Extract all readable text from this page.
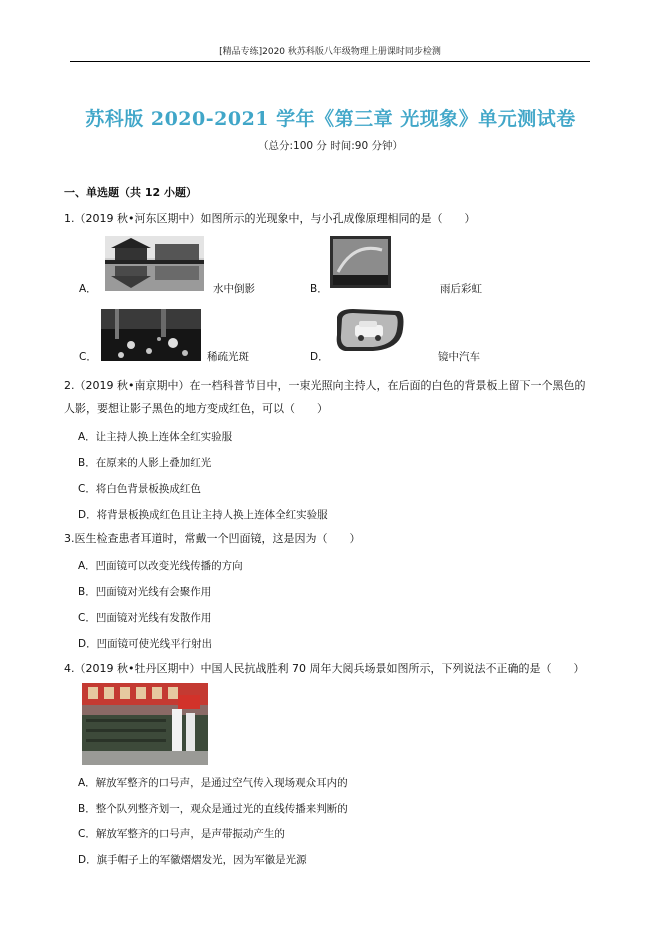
[精品专练]2020 秋苏科版八年级物理上册课时同步检测
苏科版 2020-2021 学年《第三章 光现象》单元测试卷
（总分:100 分 时间:90 分钟）
一、单选题（共 12 小题）
1.（2019 秋•河东区期中）如图所示的光现象中，与小孔成像原理相同的是（　　）
A．	水中倒影	B．	雨后彩虹
C．	稀疏光斑	D．	镜中汽车
2.（2019 秋•南京期中）在一档科普节目中，一束光照向主持人，在后面的白色的背景板上留下一个黑色的人影，要想让影子黑色的地方变成红色，可以（　　）
A．让主持人换上连体全红实验服
B．在原来的人影上叠加红光
C．将白色背景板换成红色
D．将背景板换成红色且让主持人换上连体全红实验服
3.医生检查患者耳道时，常戴一个凹面镜，这是因为（　　）
A．凹面镜可以改变光线传播的方向
B．凹面镜对光线有会聚作用
C．凹面镜对光线有发散作用
D．凹面镜可使光线平行射出
4.（2019 秋•牡丹区期中）中国人民抗战胜利 70 周年大阅兵场景如图所示，下列说法不正确的是（　　）
A．解放军整齐的口号声，是通过空气传入现场观众耳内的
B．整个队列整齐划一，观众是通过光的直线传播来判断的
C．解放军整齐的口号声，是声带振动产生的
D．旗手帽子上的军徽熠熠发光，因为军徽是光源
